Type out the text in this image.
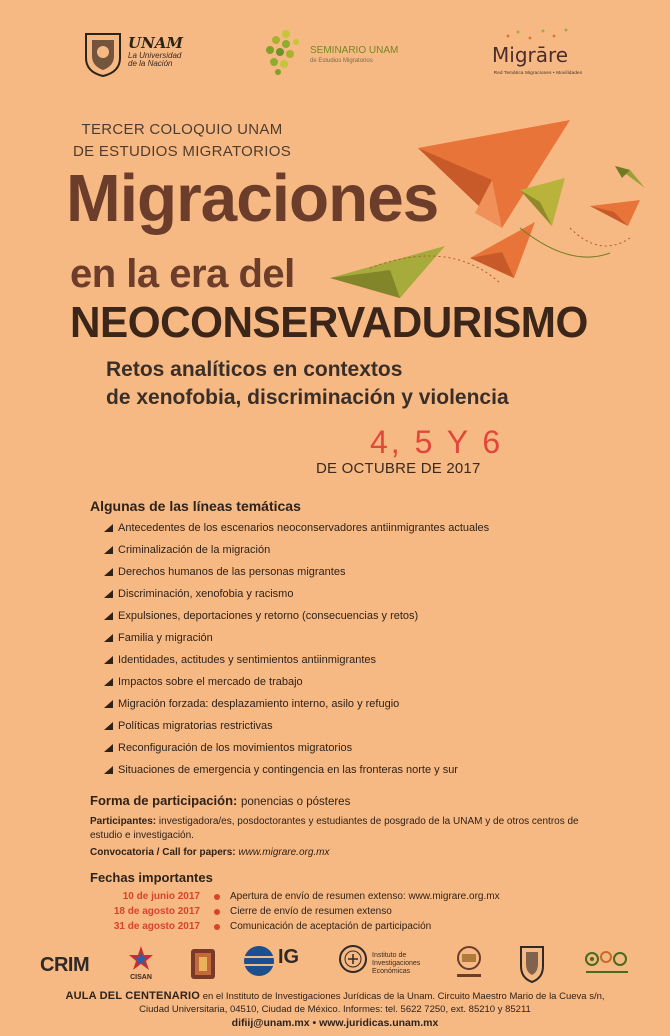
UNAM
La Universidad
de la Nación
SEMINARIO UNAM
de Estudios Migratorios	Migrāre
Red Temática Migraciones • Movilidades
TERCER COLOQUIO UNAM
DE ESTUDIOS MIGRATORIOS
Migraciones
en la era del
NEOCONSERVADURISMO
Retos analíticos en contextos
de xenofobia, discriminación y violencia
4, 5 Y 6
DE OCTUBRE DE 2017
Algunas de las líneas temáticas
Antecedentes de los escenarios neoconservadores antiinmigrantes actuales
Criminalización de la migración
Derechos humanos de las personas migrantes
Discriminación, xenofobia y racismo
Expulsiones, deportaciones y retorno (consecuencias y retos)
Familia y migración
Identidades, actitudes y sentimientos antiinmigrantes
Impactos sobre el mercado de trabajo
Migración forzada: desplazamiento interno, asilo y refugio
Políticas migratorias restrictivas
Reconfiguración de los movimientos migratorios
Situaciones de emergencia y contingencia en las fronteras norte y sur
Forma de participación: ponencias o pósteres
Participantes: investigadora/es, posdoctorantes y estudiantes de posgrado de la UNAM y de otros centros de estudio e investigación.
Convocatoria / Call for papers: www.migrare.org.mx
Fechas importantes
10 de junio 2017	Apertura de envío de resumen extenso: www.migrare.org.mx
18 de agosto 2017	Cierre de envío de resumen extenso
31 de agosto 2017	Comunicación de aceptación de participación
CRIM
CISAN
IG	Instituto de
Investigaciones
Económicas
AULA DEL CENTENARIO en el Instituto de Investigaciones Jurídicas de la Unam. Circuito Maestro Mario de la Cueva s/n,
Ciudad Universitaria, 04510, Ciudad de México. Informes: tel. 5622 7250, ext. 85210 y 85211
difiij@unam.mx • www.juridicas.unam.mx
